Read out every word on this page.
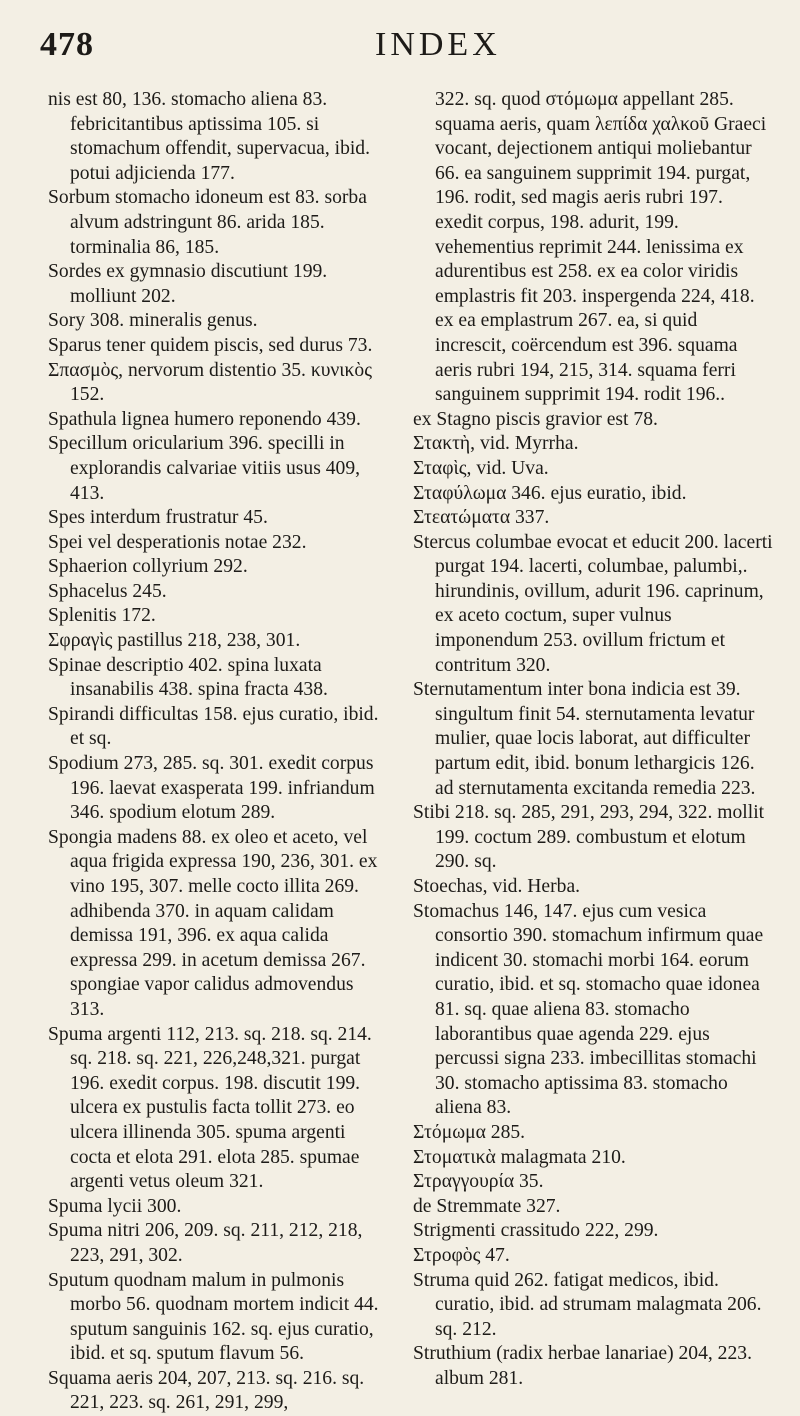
478	INDEX

nis est 80, 136. stomacho aliena 83. febricitantibus aptissima 105. si stomachum offendit, supervacua, ibid. potui adjicienda 177.

Sorbum stomacho idoneum est 83. sorba alvum adstringunt 86. arida 185. torminalia 86, 185.

Sordes ex gymnasio discutiunt 199. molliunt 202.

Sory 308. mineralis genus.

Sparus tener quidem piscis, sed durus 73.

Σπασμὸς, nervorum distentio 35. κυνικὸς 152.

Spathula lignea humero reponendo 439.

Specillum oricularium 396. specilli in explorandis calvariae vitiis usus 409, 413.

Spes interdum frustratur 45.

Spei vel desperationis notae 232.

Sphaerion collyrium 292.

Sphacelus 245.

Splenitis 172.

Σφραγὶς pastillus 218, 238, 301.

Spinae descriptio 402. spina luxata insanabilis 438. spina fracta 438.

Spirandi difficultas 158. ejus curatio, ibid. et sq.

Spodium 273, 285. sq. 301. exedit corpus 196. laevat exasperata 199. infriandum 346. spodium elotum 289.

Spongia madens 88. ex oleo et aceto, vel aqua frigida expressa 190, 236, 301. ex vino 195, 307. melle cocto illita 269. adhibenda 370. in aquam calidam demissa 191, 396. ex aqua calida expressa 299. in acetum demissa 267. spongiae vapor calidus admovendus 313.

Spuma argenti 112, 213. sq. 218. sq. 214. sq. 218. sq. 221, 226,248,321. purgat 196. exedit corpus. 198. discutit 199. ulcera ex pustulis facta tollit 273. eo ulcera illinenda 305. spuma argenti cocta et elota 291. elota 285. spumae argenti vetus oleum 321.

Spuma lycii 300.

Spuma nitri 206, 209. sq. 211, 212, 218, 223, 291, 302.

Sputum quodnam malum in pulmonis morbo 56. quodnam mortem indicit 44. sputum sanguinis 162. sq. ejus curatio, ibid. et sq. sputum flavum 56.

Squama aeris 204, 207, 213. sq. 216. sq. 221, 223. sq. 261, 291, 299,

322. sq. quod στόμωμα appellant 285. squama aeris, quam λεπίδα χαλκοῦ Graeci vocant, dejectionem antiqui moliebantur 66. ea sanguinem supprimit 194. purgat, 196. rodit, sed magis aeris rubri 197. exedit corpus, 198. adurit, 199. vehementius reprimit 244. lenissima ex adurentibus est 258. ex ea color viridis emplastris fit 203. inspergenda 224, 418. ex ea emplastrum 267. ea, si quid increscit, coërcendum est 396. squama aeris rubri 194, 215, 314. squama ferri sanguinem supprimit 194. rodit 196..

ex Stagno piscis gravior est 78.

Στακτὴ, vid. Myrrha.

Σταφὶς, vid. Uva.

Σταφύλωμα 346. ejus euratio, ibid.

Στεατώματα 337.

Stercus columbae evocat et educit 200. lacerti purgat 194. lacerti, columbae, palumbi,. hirundinis, ovillum, adurit 196. caprinum, ex aceto coctum, super vulnus imponendum 253. ovillum frictum et contritum 320.

Sternutamentum inter bona indicia est 39. singultum finit 54. sternutamenta levatur mulier, quae locis laborat, aut difficulter partum edit, ibid. bonum lethargicis 126. ad sternutamenta excitanda remedia 223.

Stibi 218. sq. 285, 291, 293, 294, 322. mollit 199. coctum 289. combustum et elotum 290. sq.

Stoechas, vid. Herba.

Stomachus 146, 147. ejus cum vesica consortio 390. stomachum infirmum quae indicent 30. stomachi morbi 164. eorum curatio, ibid. et sq. stomacho quae idonea 81. sq. quae aliena 83. stomacho laborantibus quae agenda 229. ejus percussi signa 233. imbecillitas stomachi 30. stomacho aptissima 83. stomacho aliena 83.

Στόμωμα 285.

Στοματικὰ malagmata 210.

Στραγγουρία 35.

de Stremmate 327.

Strigmenti crassitudo 222, 299.

Στροφὸς 47.

Struma quid 262. fatigat medicos, ibid. curatio, ibid. ad strumam malagmata 206. sq. 212.

Struthium (radix herbae lanariae) 204, 223. album 281.
